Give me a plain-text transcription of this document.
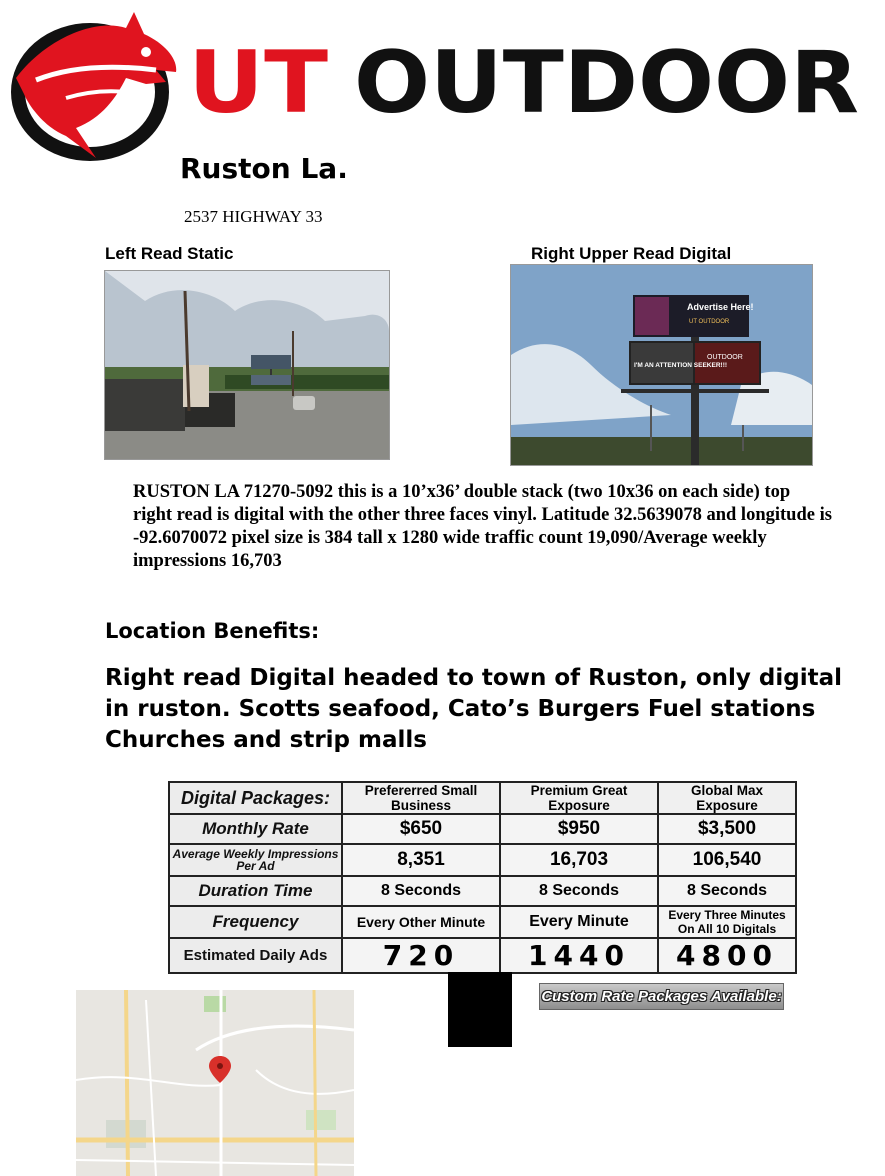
UT OUTDOOR
Ruston La.
2537 HIGHWAY 33
Left Read Static	Right Upper Read Digital
Advertise Here!
UT OUTDOOR
I'M AN ATTENTION SEEKER!!!
OUTDOOR
RUSTON LA 71270-5092 this is a 10’x36’ double stack (two 10x36 on each side) top right read is digital with the other three faces vinyl. Latitude 32.5639078 and longitude is -92.6070072 pixel size is 384 tall x 1280 wide traffic count 19,090/Average weekly impressions 16,703
Location Benefits:
Right read Digital headed to town of Ruston, only digital in ruston. Scotts seafood, Cato’s Burgers Fuel stations Churches and strip malls
Digital Packages:	Prefererred Small Business	Premium Great Exposure	Global Max Exposure
Monthly Rate	$650	$950	$3,500
Average Weekly Impressions Per Ad	8,351	16,703	106,540
Duration Time	8 Seconds	8 Seconds	8 Seconds
Frequency	Every Other Minute	Every Minute	Every Three Minutes On All 10 Digitals
Estimated Daily Ads	720	1440	4800
Custom Rate Packages Available:
